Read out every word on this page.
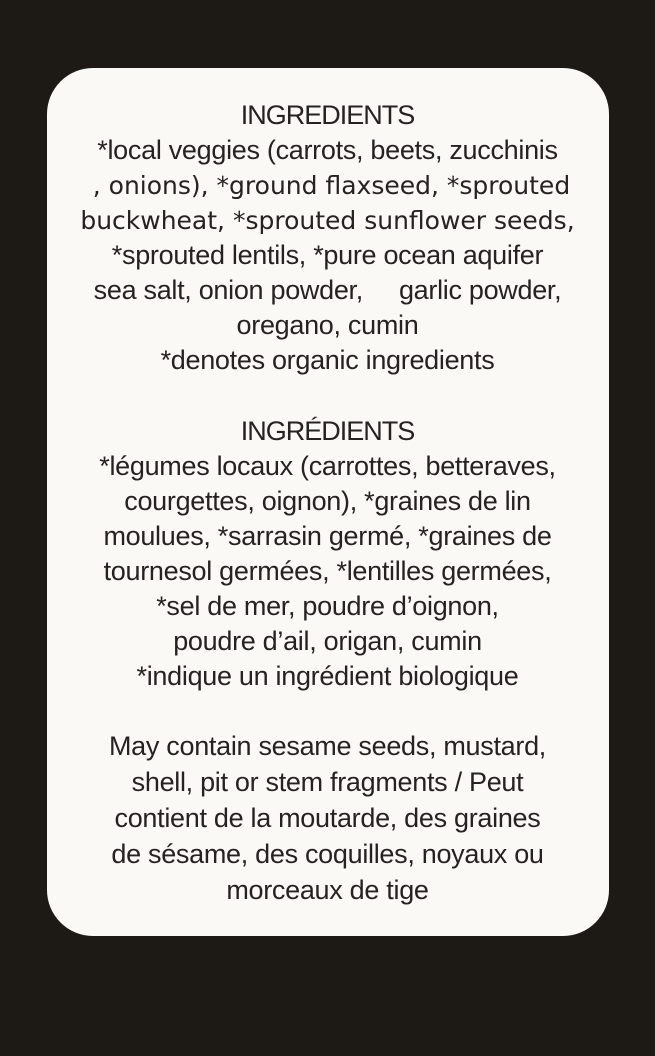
INGREDIENTS
*local veggies (carrots, beets, zucchinis
, onions), *ground flaxseed, *sprouted
buckwheat, *sprouted sunflower seeds,
*sprouted lentils, *pure ocean aquifer
sea salt, onion powder,     garlic powder,
oregano, cumin
*denotes organic ingredients
INGRÉDIENTS
*légumes locaux (carrottes, betteraves,
courgettes, oignon), *graines de lin
moulues, *sarrasin germé, *graines de
tournesol germées, *lentilles germées,
*sel de mer, poudre d’oignon,
poudre d’ail, origan, cumin
*indique un ingrédient biologique
May contain sesame seeds, mustard,
shell, pit or stem fragments / Peut
contient de la moutarde, des graines
de sésame, des coquilles, noyaux ou
morceaux de tige
